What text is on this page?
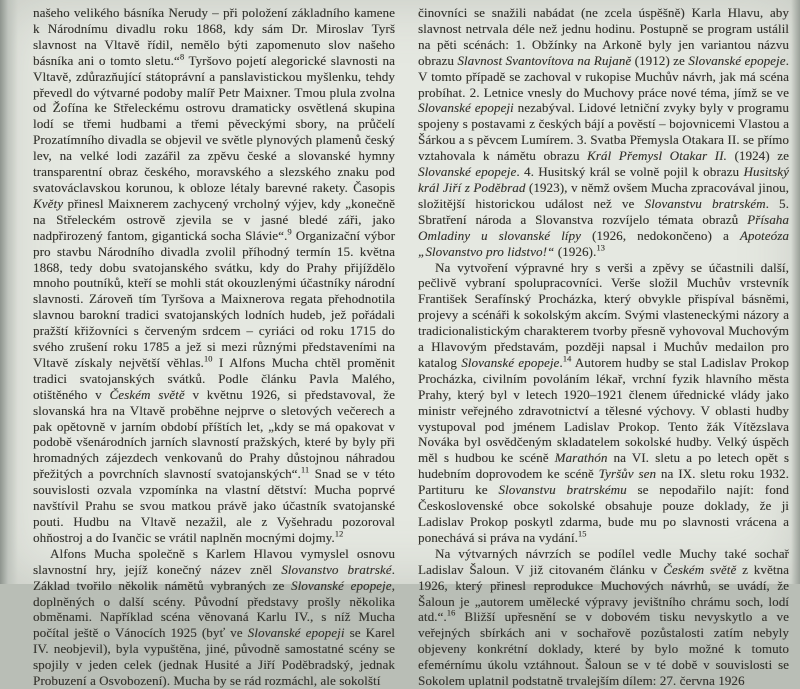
našeho velikého básníka Nerudy – při položení základního kamene k Národnímu divadlu roku 1868, kdy sám Dr. Miroslav Tyrš slavnost na Vltavě řídil, nemělo býti zapomenuto slov našeho básníka ani o tomto sletu.“$^8$ Tyršovo pojetí alegorické slavnosti na Vltavě, zdůrazňující státoprávní a panslavistickou myšlenku, tehdy převedl do výtvarné podoby malíř Petr Maixner. Tmou plula zvolna od Žofína ke Střeleckému ostrovu dramaticky osvětlená skupina lodí se třemi hudbami a třemi pěveckými sbory, na průčelí Prozatímního divadla se objevil ve světle plynových plamenů český lev, na velké lodi zazářil za zpěvu české a slovanské hymny transparentní obraz českého, moravského a slezského znaku pod svatováclavskou korunou, k obloze létaly barevné rakety. Časopis Květy přinesl Maixnerem zachycený vrcholný výjev, kdy „konečně na Střeleckém ostrově zjevila se v jasné bledé záři, jako nadpřirozený fantom, gigantická socha Slávie“.$^9$ Organizační výbor pro stavbu Národního divadla zvolil příhodný termín 15. května 1868, tedy dobu svatojanského svátku, kdy do Prahy přijíždělo mnoho poutníků, kteří se mohli stát okouzlenými účastníky národní slavnosti. Zároveň tím Tyršova a Maixnerova regata přehodnotila slavnou barokní tradici svatojanských lodních hudeb, jež pořádali pražští křižovníci s červeným srdcem – cyriáci od roku 1715 do svého zrušení roku 1785 a jež si mezi různými představeními na Vltavě získaly největší věhlas.$^{10}$ I Alfons Mucha chtěl proměnit tradici svatojanských svátků. Podle článku Pavla Malého, otištěného v Českém světě v květnu 1926, si představoval, že slovanská hra na Vltavě proběhne nejprve o sletových večerech a pak opětovně v jarním období příštích let, „kdy se má opakovat v podobě všenárodních jarních slavností pražských, které by byly při hromadných zájezdech venkovanů do Prahy důstojnou náhradou přežitých a povrchních slavností svatojanských“.$^{11}$ Snad se v této souvislosti ozvala vzpomínka na vlastní dětství: Mucha poprvé navštívil Prahu se svou matkou právě jako účastník svatojanské pouti. Hudbu na Vltavě nezažil, ale z Vyšehradu pozoroval ohňostroj a do Ivančic se vrátil naplněn mocnými dojmy.$^{12}$

Alfons Mucha společně s Karlem Hlavou vymyslel osnovu slavnostní hry, jejíž konečný název zněl Slovanstvo bratrské. Základ tvořilo několik námětů vybraných ze Slovanské epopeje, doplněných o další scény. Původní představy prošly několika obměnami. Například scéna věnovaná Karlu IV., s níž Mucha počítal ještě o Vánocích 1925 (byť ve Slovanské epopeji se Karel IV. neobjevil), byla vypuštěna, jiné, původně samostatné scény se spojily v jeden celek (jednak Husité a Jiří Poděbradský, jednak Probuzení a Osvobození). Mucha by se rád rozmáchl, ale sokolští

činovníci se snažili nabádat (ne zcela úspěšně) Karla Hlavu, aby slavnost netrvala déle než jednu hodinu. Postupně se program ustálil na pěti scénách: 1. Obžínky na Arkoně byly jen variantou názvu obrazu Slavnost Svantovítova na Rujaně (1912) ze Slovanské epopeje. V tomto případě se zachoval v rukopise Muchův návrh, jak má scéna probíhat. 2. Letnice vnesly do Muchovy práce nové téma, jímž se ve Slovanské epopeji nezabýval. Lidové letniční zvyky byly v programu spojeny s postavami z českých bájí a pověstí – bojovnicemi Vlastou a Šárkou a s pěvcem Lumírem. 3. Svatba Přemysla Otakara II. se přímo vztahovala k námětu obrazu Král Přemysl Otakar II. (1924) ze Slovanské epopeje. 4. Husitský král se volně pojil k obrazu Husitský král Jiří z Poděbrad (1923), v němž ovšem Mucha zpracovával jinou, složitější historickou událost než ve Slovanstvu bratrském. 5. Sbratření národa a Slovanstva rozvíjelo témata obrazů Přísaha Omladiny u slovanské lípy (1926, nedokončeno) a Apoteóza „Slovanstvo pro lidstvo!“ (1926).$^{13}$

Na vytvoření výpravné hry s verši a zpěvy se účastnili další, pečlivě vybraní spolupracovníci. Verše složil Muchův vrstevník František Serafínský Procházka, který obvykle přispíval básněmi, projevy a scénáři k sokolským akcím. Svými vlasteneckými názory a tradicionalistickým charakterem tvorby přesně vyhovoval Muchovým a Hlavovým představám, později napsal i Muchův medailon pro katalog Slovanské epopeje.$^{14}$ Autorem hudby se stal Ladislav Prokop Procházka, civilním povoláním lékař, vrchní fyzik hlavního města Prahy, který byl v letech 1920–1921 členem úřednické vlády jako ministr veřejného zdravotnictví a tělesné výchovy. V oblasti hudby vystupoval pod jménem Ladislav Prokop. Tento žák Vítězslava Nováka byl osvědčeným skladatelem sokolské hudby. Velký úspěch měl s hudbou ke scéně Marathón na VI. sletu a po letech opět s hudebním doprovodem ke scéně Tyršův sen na IX. sletu roku 1932. Partituru ke Slovanstvu bratrskému se nepodařilo najít: fond Československé obce sokolské obsahuje pouze doklady, že ji Ladislav Prokop poskytl zdarma, bude mu po slavnosti vrácena a ponechává si práva na vydání.$^{15}$

Na výtvarných návrzích se podílel vedle Muchy také sochař Ladislav Šaloun. V již citovaném článku v Českém světě z května 1926, který přinesl reprodukce Muchových návrhů, se uvádí, že Šaloun je „autorem umělecké výpravy jevištního chrámu soch, lodí atd.“.$^{16}$ Bližší upřesnění se v dobovém tisku nevyskytlo a ve veřejných sbírkách ani v sochařově pozůstalosti zatím nebyly objeveny konkrétní doklady, které by bylo možné k tomuto efemérnímu úkolu vztáhnout. Šaloun se v té době v souvislosti se Sokolem uplatnil podstatně trvalejším dílem: 27. června 1926
